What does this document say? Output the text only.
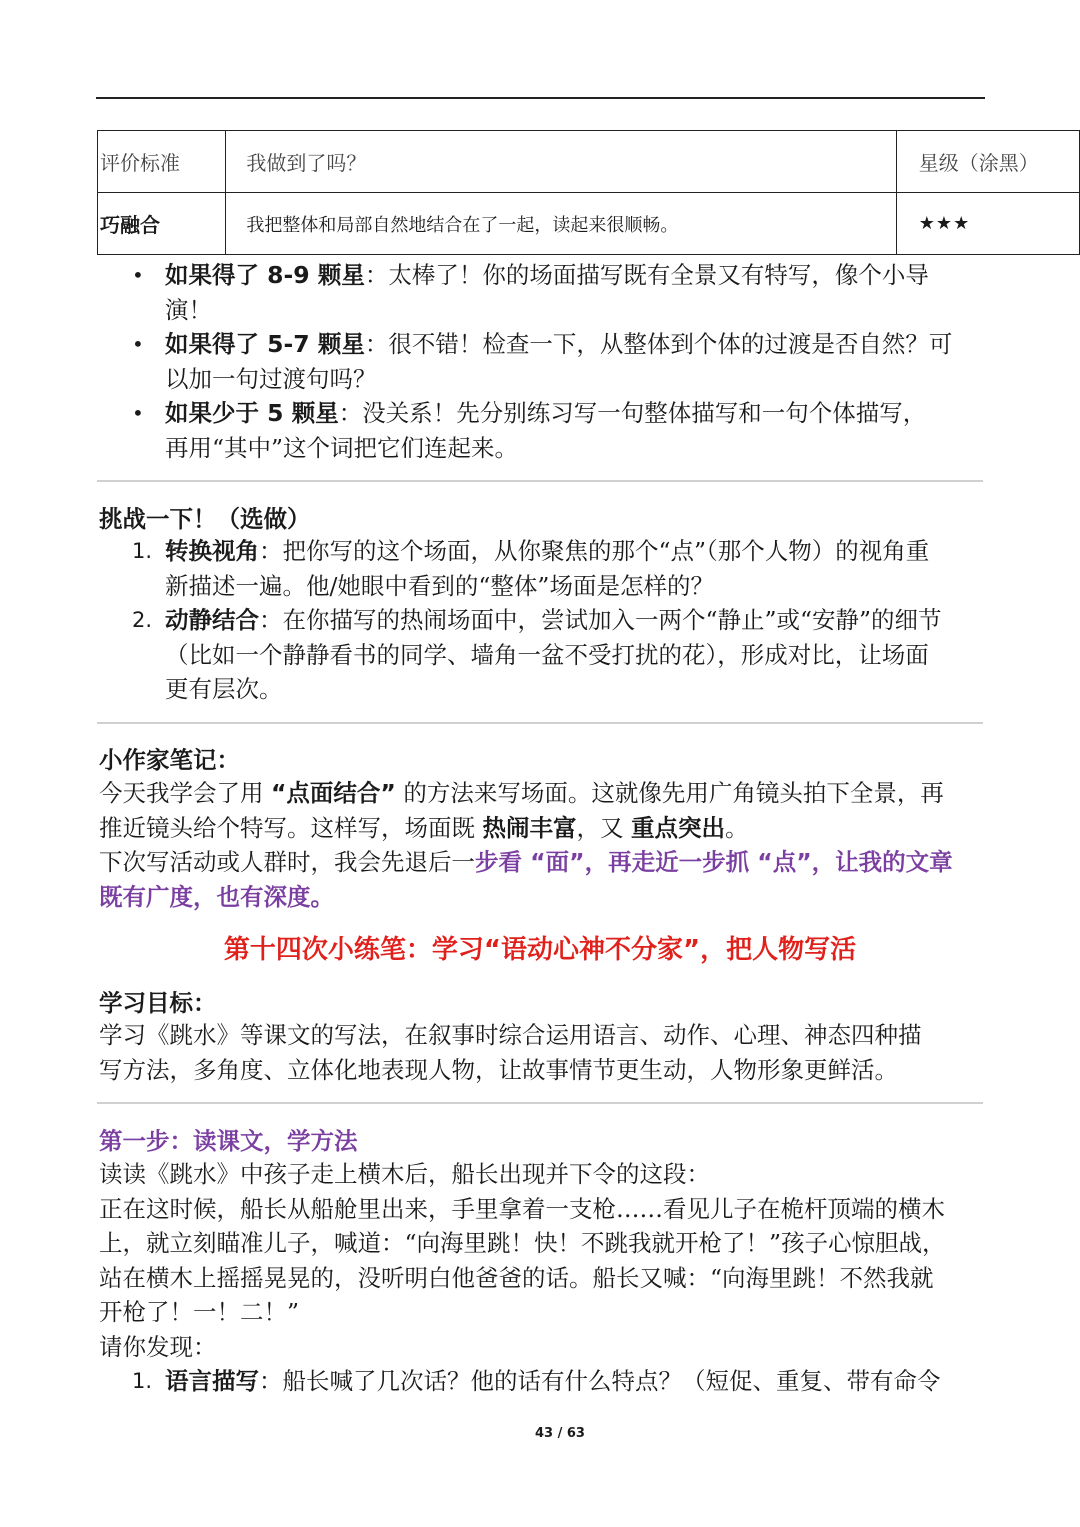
评价标准	我做到了吗？	星级（涂黑）
巧融合	我把整体和局部自然地结合在了一起，读起来很顺畅。	★★★
• 如果得了 8-9 颗星：太棒了！你的场面描写既有全景又有特写，像个小导
演！
• 如果得了 5-7 颗星：很不错！检查一下，从整体到个体的过渡是否自然？可
以加一句过渡句吗？
• 如果少于 5 颗星：没关系！先分别练习写一句整体描写和一句个体描写，
再用“其中”这个词把它们连起来。
挑战一下！（选做）
1. 转换视角：把你写的这个场面，从你聚焦的那个“点”（那个人物）的视角重
新描述一遍。他/她眼中看到的“整体”场面是怎样的？
2. 动静结合：在你描写的热闹场面中，尝试加入一两个“静止”或“安静”的细节
（比如一个静静看书的同学、墙角一盆不受打扰的花），形成对比，让场面
更有层次。
小作家笔记：
今天我学会了用 “点面结合” 的方法来写场面。这就像先用广角镜头拍下全景，再
推近镜头给个特写。这样写，场面既 热闹丰富，又 重点突出。
下次写活动或人群时，我会先退后一步看 “面”，再走近一步抓 “点”，让我的文章
既有广度，也有深度。
第十四次小练笔：学习“语动心神不分家”，把人物写活
学习目标：
学习《跳水》等课文的写法，在叙事时综合运用语言、动作、心理、神态四种描
写方法，多角度、立体化地表现人物，让故事情节更生动，人物形象更鲜活。
第一步：读课文，学方法
读读《跳水》中孩子走上横木后，船长出现并下令的这段：
正在这时候，船长从船舱里出来，手里拿着一支枪……看见儿子在桅杆顶端的横木
上，就立刻瞄准儿子，喊道：“向海里跳！快！不跳我就开枪了！”孩子心惊胆战，
站在横木上摇摇晃晃的，没听明白他爸爸的话。船长又喊：“向海里跳！不然我就
开枪了！一！二！”
请你发现：
1. 语言描写：船长喊了几次话？他的话有什么特点？（短促、重复、带有命令
43 / 63
